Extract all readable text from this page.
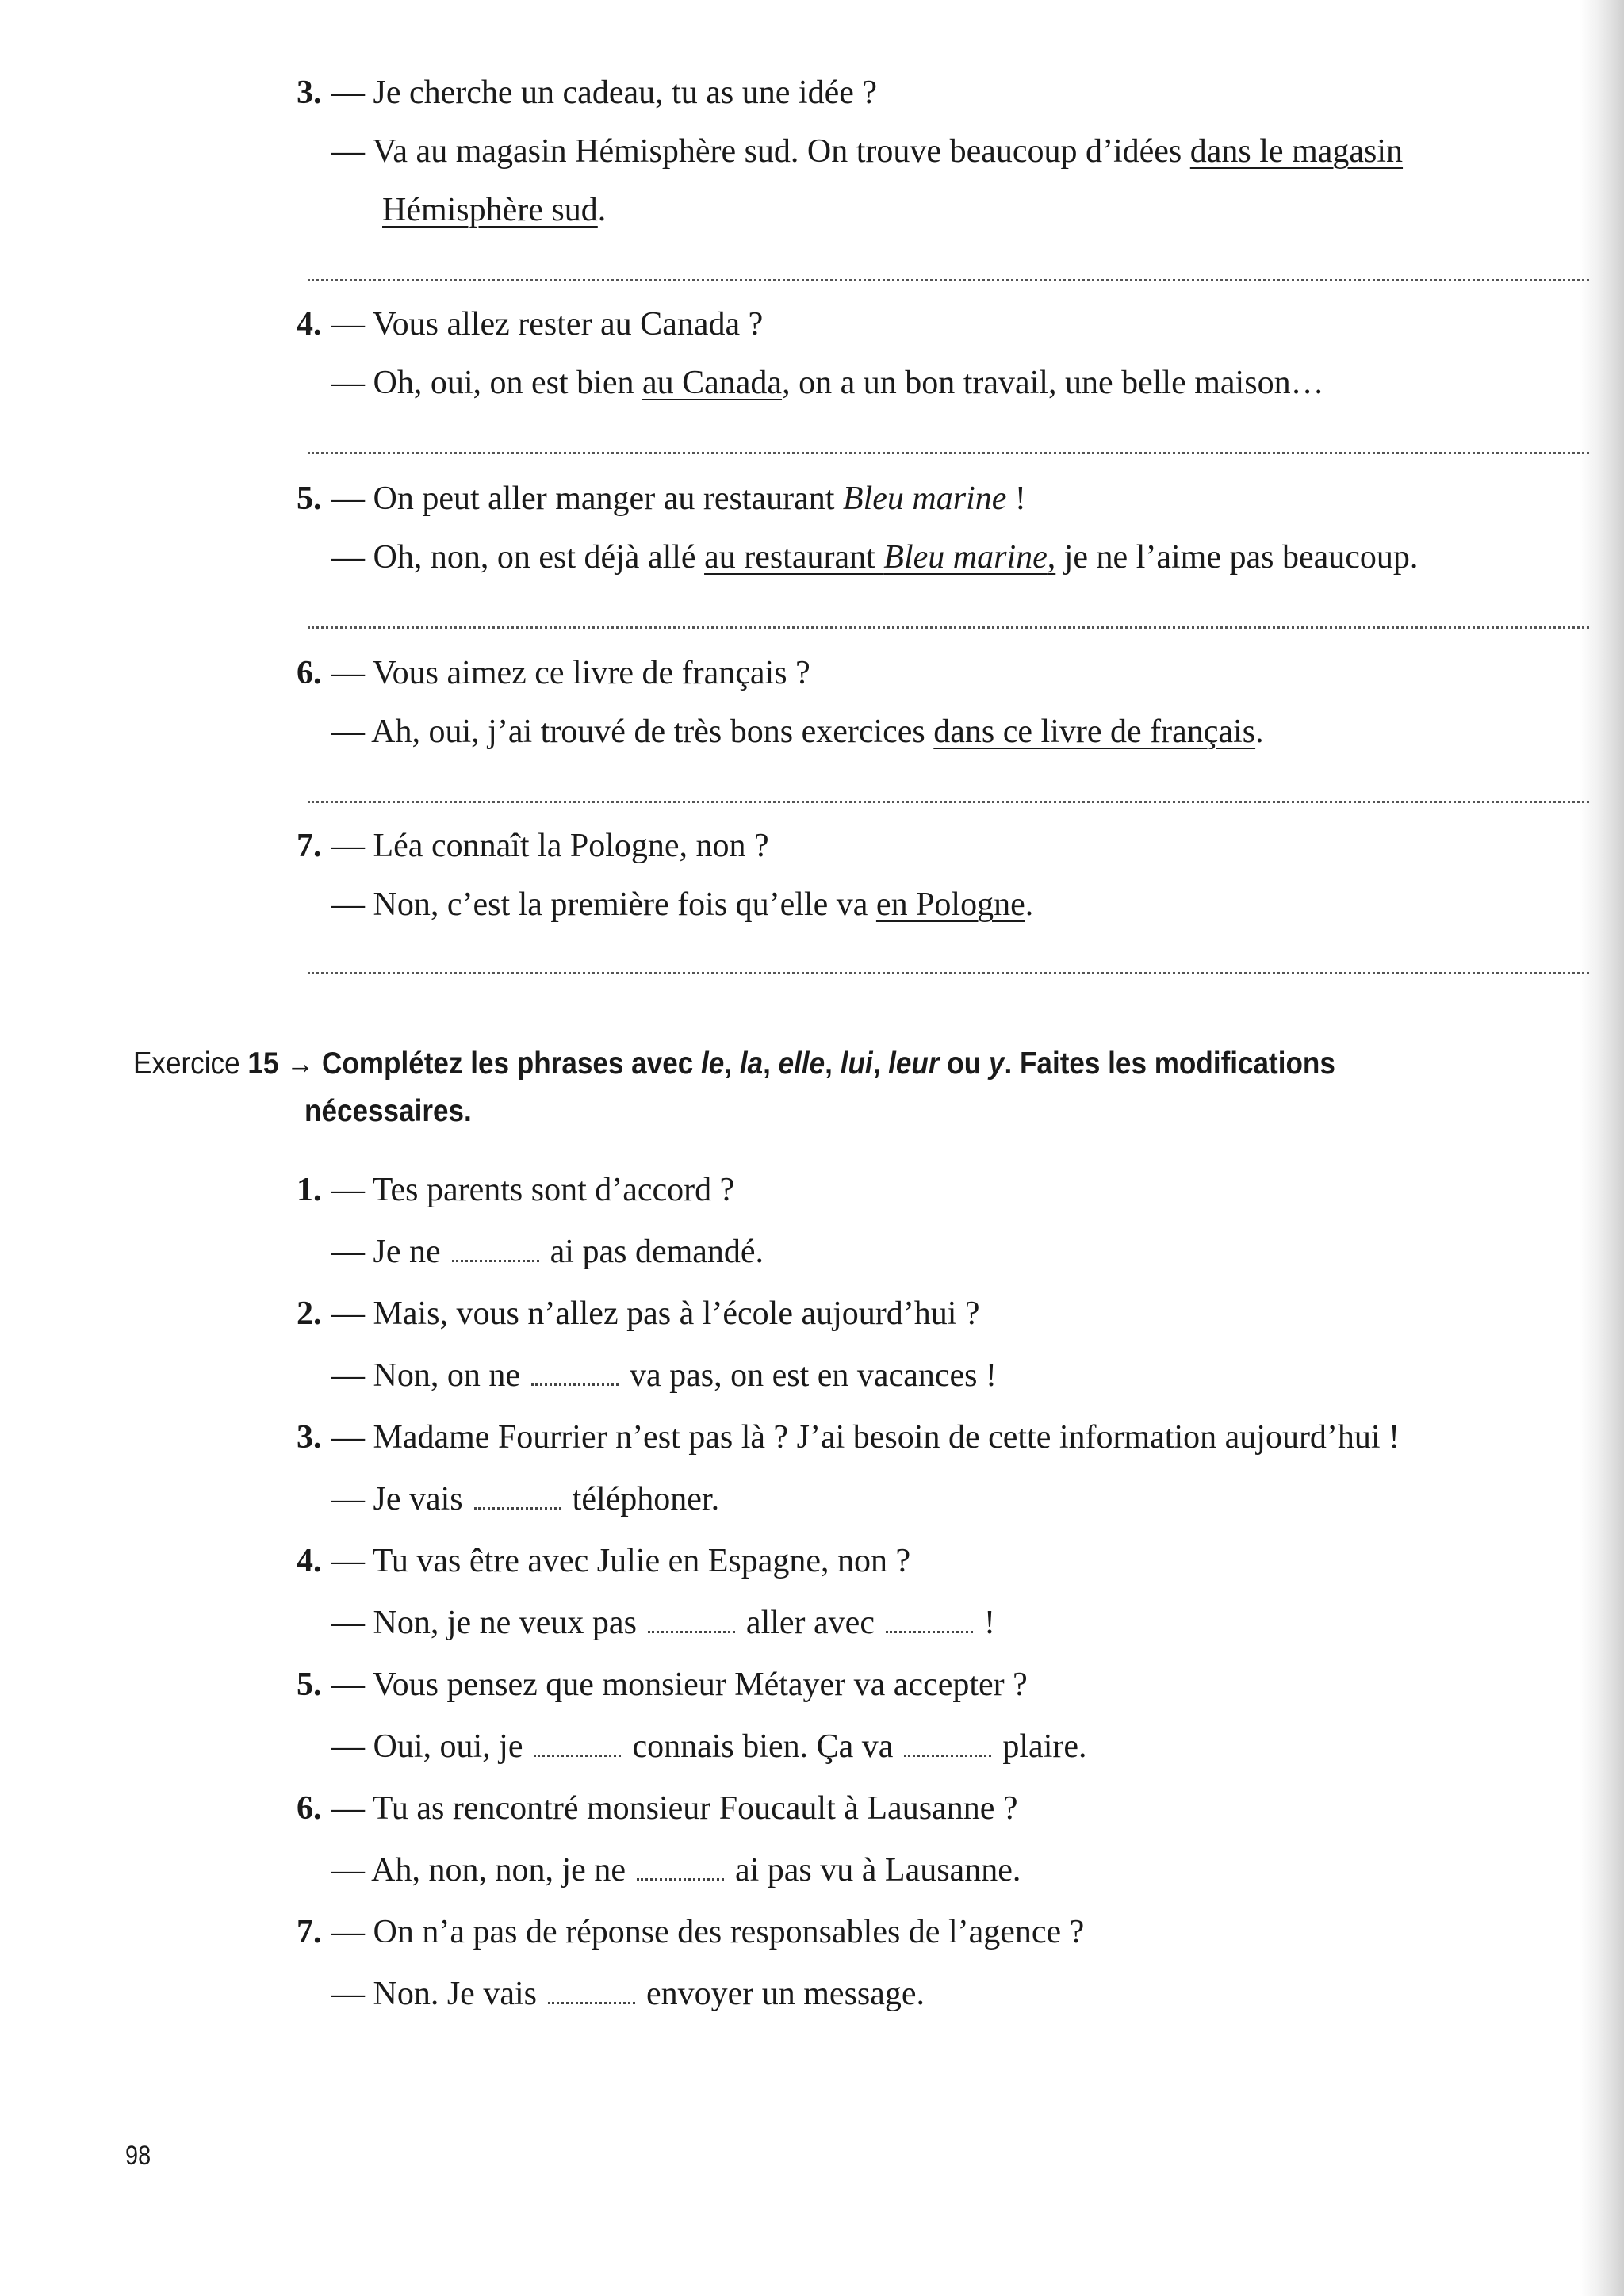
3. — Je cherche un cadeau, tu as une idée ?
— Va au magasin Hémisphère sud. On trouve beaucoup d’idées dans le magasin
Hémisphère sud.
4. — Vous allez rester au Canada ?
— Oh, oui, on est bien au Canada, on a un bon travail, une belle maison…
5. — On peut aller manger au restaurant Bleu marine !
— Oh, non, on est déjà allé au restaurant Bleu marine, je ne l’aime pas beaucoup.
6. — Vous aimez ce livre de français ?
— Ah, oui, j’ai trouvé de très bons exercices dans ce livre de français.
7. — Léa connaît la Pologne, non ?
— Non, c’est la première fois qu’elle va en Pologne.
Exercice 15 → Complétez les phrases avec le, la, elle, lui, leur ou y. Faites les modifications
nécessaires.
1. — Tes parents sont d’accord ?
— Je ne	ai pas demandé.
2. — Mais, vous n’allez pas à l’école aujourd’hui ?
— Non, on ne	va pas, on est en vacances !
3. — Madame Fourrier n’est pas là ? J’ai besoin de cette information aujourd’hui !
— Je vais	téléphoner.
4. — Tu vas être avec Julie en Espagne, non ?
— Non, je ne veux pas	aller avec	!
5. — Vous pensez que monsieur Métayer va accepter ?
— Oui, oui, je	connais bien. Ça va	plaire.
6. — Tu as rencontré monsieur Foucault à Lausanne ?
— Ah, non, non, je ne	ai pas vu à Lausanne.
7. — On n’a pas de réponse des responsables de l’agence ?
— Non. Je vais	envoyer un message.
98
